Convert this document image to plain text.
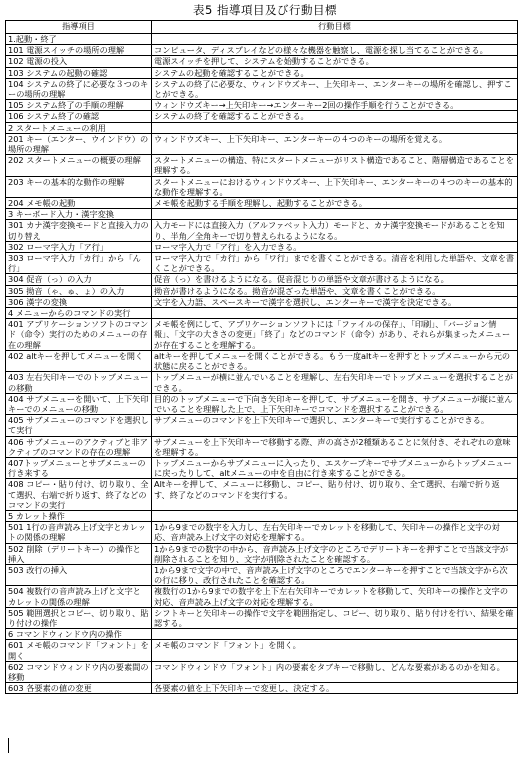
表5 指導項目及び行動目標
指導項目	行動目標
1.起動・終了	
101 電源スイッチの場所の理解	コンピュータ、ディスプレイなどの様々な機器を触察し、電源を探し当てることができる。
102 電源の投入	電源スイッチを押して、システムを始動することができる。
103 システムの起動の確認	システムの起動を確認することができる。
104 システムの終了に必要な３つのキーの場所の理解	システムの終了に必要な、ウィンドウズキー、上矢印キー、エンターキーの場所を確認し、押すことができる。
105 システム終了の手順の理解	ウィンドウズキー→上矢印キー→エンターキー2回の操作手順を行うことができる。
106 システム終了の確認	システムの終了を確認することができる。
2 スタートメニューの利用	
201 キー（エンター、ウインドウ）の場所の理解	ウィンドウズキー、上下矢印キー、エンターキーの４つのキーの場所を覚える。
202 スタートメニューの概要の理解	スタートメニューの構造、特にスタートメニューがリスト構造であること、階層構造であることを理解する。
203 キーの基本的な動作の理解	スタートメニューにおけるウィンドウズキー、上下矢印キー、エンターキーの４つのキーの基本的な動作を理解する。
204 メモ帳の起動	メモ帳を起動する手順を理解し、起動することができる。
3 キーボード入力・漢字変換	
301 カナ漢字変換モードと直接入力の切り替え	入力モードには直接入力（アルファベット入力）モードと、カナ漢字変換モードがあることを知り、半角／全角キーで切り替えられるようになる。
302 ローマ字入力「ア行」	ローマ字入力で「ア行」を入力できる。
303 ローマ字入力「カ行」から「ん行」	ローマ字入力で「カ行」から「ワ行」までを書くことができる。清音を利用した単語や、文章を書くことができる。
304 促音（っ）の入力	促音（っ）を書けるようになる。促音混じりの単語や文章が書けるようになる。
305 拗音（ゃ、ゅ、ょ）の入力	拗音が書けるようになる。拗音が混ざった単語や、文章を書くことができる。
306 漢字の変換	文字を入力語、スペースキーで漢字を選択し、エンターキーで漢字を決定できる。
4 メニューからのコマンドの実行	
401 アプリケーションソフトのコマンド（命令）実行のためのメニューの存在の理解	メモ帳を例にして、アプリケーションソフトには「ファイルの保存」、「印刷」、「バージョン情報」、「文字の大きさの変更」「終了」などのコマンド（命令）があり、それらが集まったメニューが存在することを理解する。
402 altキーを押してメニューを開く	altキーを押してメニューを開くことができる。もう一度altキーを押すとトップメニューから元の状態に戻ることができる。
403 左右矢印キーでのトップメニューの移動	トップメニューが横に並んでいることを理解し、左右矢印キーでトップメニューを選択することができる。
404 サブメニューを開いて、上下矢印キーでのメニューの移動	目的のトップメニューで下向き矢印キーを押して、サブメニューを開き、サブメニューが縦に並んでいることを理解した上で、上下矢印キーでコマンドを選択することができる。
405 サブメニューのコマンドを選択して実行	サブメニューのコマンドを上下矢印キーで選択し、エンターキーで実行することができる。
406 サブメニューのアクティブと非アクティブのコマンドの存在の理解	サブメニューを上下矢印キーで移動する際、声の高さが2種類あることに気付き、それぞれの意味を理解する。
407トップメニューとサブメニューの行き来する	トップメニューからサブメニューに入ったり、エスケープキーでサブメニューからトップメニューに戻ったりして、altメニューの中を自由に行き来することができる。
408 コピー・貼り付け、切り取り、全て選択、右端で折り返す、終了などのコマンドの実行	Altキーを押して、メニューに移動し、コピー、貼り付け、切り取り、全て選択、右端で折り返す、終了などのコマンドを実行する。
5 カレット操作	
501 1行の音声読み上げ文字とカレットの関係の理解	1から9までの数字を入力し、左右矢印キーでカレットを移動して、矢印キーの操作と文字の対応、音声読み上げ文字の対応を理解する。
502 削除（デリートキー）の操作と挿入	1から9までの数字の中から、音声読み上げ文字のところでデリートキーを押すことで当該文字が削除されることを知り、文字が削除されたことを確認する。
503 改行の挿入	1から9まで文字の中で、音声読み上げ文字のところでエンターキーを押すことで当該文字から次の行に移り、改行されたことを確認する。
504 複数行の音声読み上げと文字とカレットの関係の理解	複数行の1から9までの数字を上下左右矢印キーでカレットを移動して、矢印キーの操作と文字の対応、音声読み上げ文字の対応を理解する。
505 範囲選択とコピー、切り取り、貼り付けの操作	シフトキーと矢印キーの操作で文字を範囲指定し、コピー、切り取り、貼り付けを行い、結果を確認する。
6 コマンドウィンドウ内の操作	
601 メモ帳のコマンド「フォント」を開く	メモ帳のコマンド「フォント」を開く。
602 コマンドウィンドウ内の要素間の移動	コマンドウィンドウ「フォント」内の要素をタブキーで移動し、どんな要素があるのかを知る。
603 各要素の値の変更	各要素の値を上下矢印キーで変更し、決定する。
